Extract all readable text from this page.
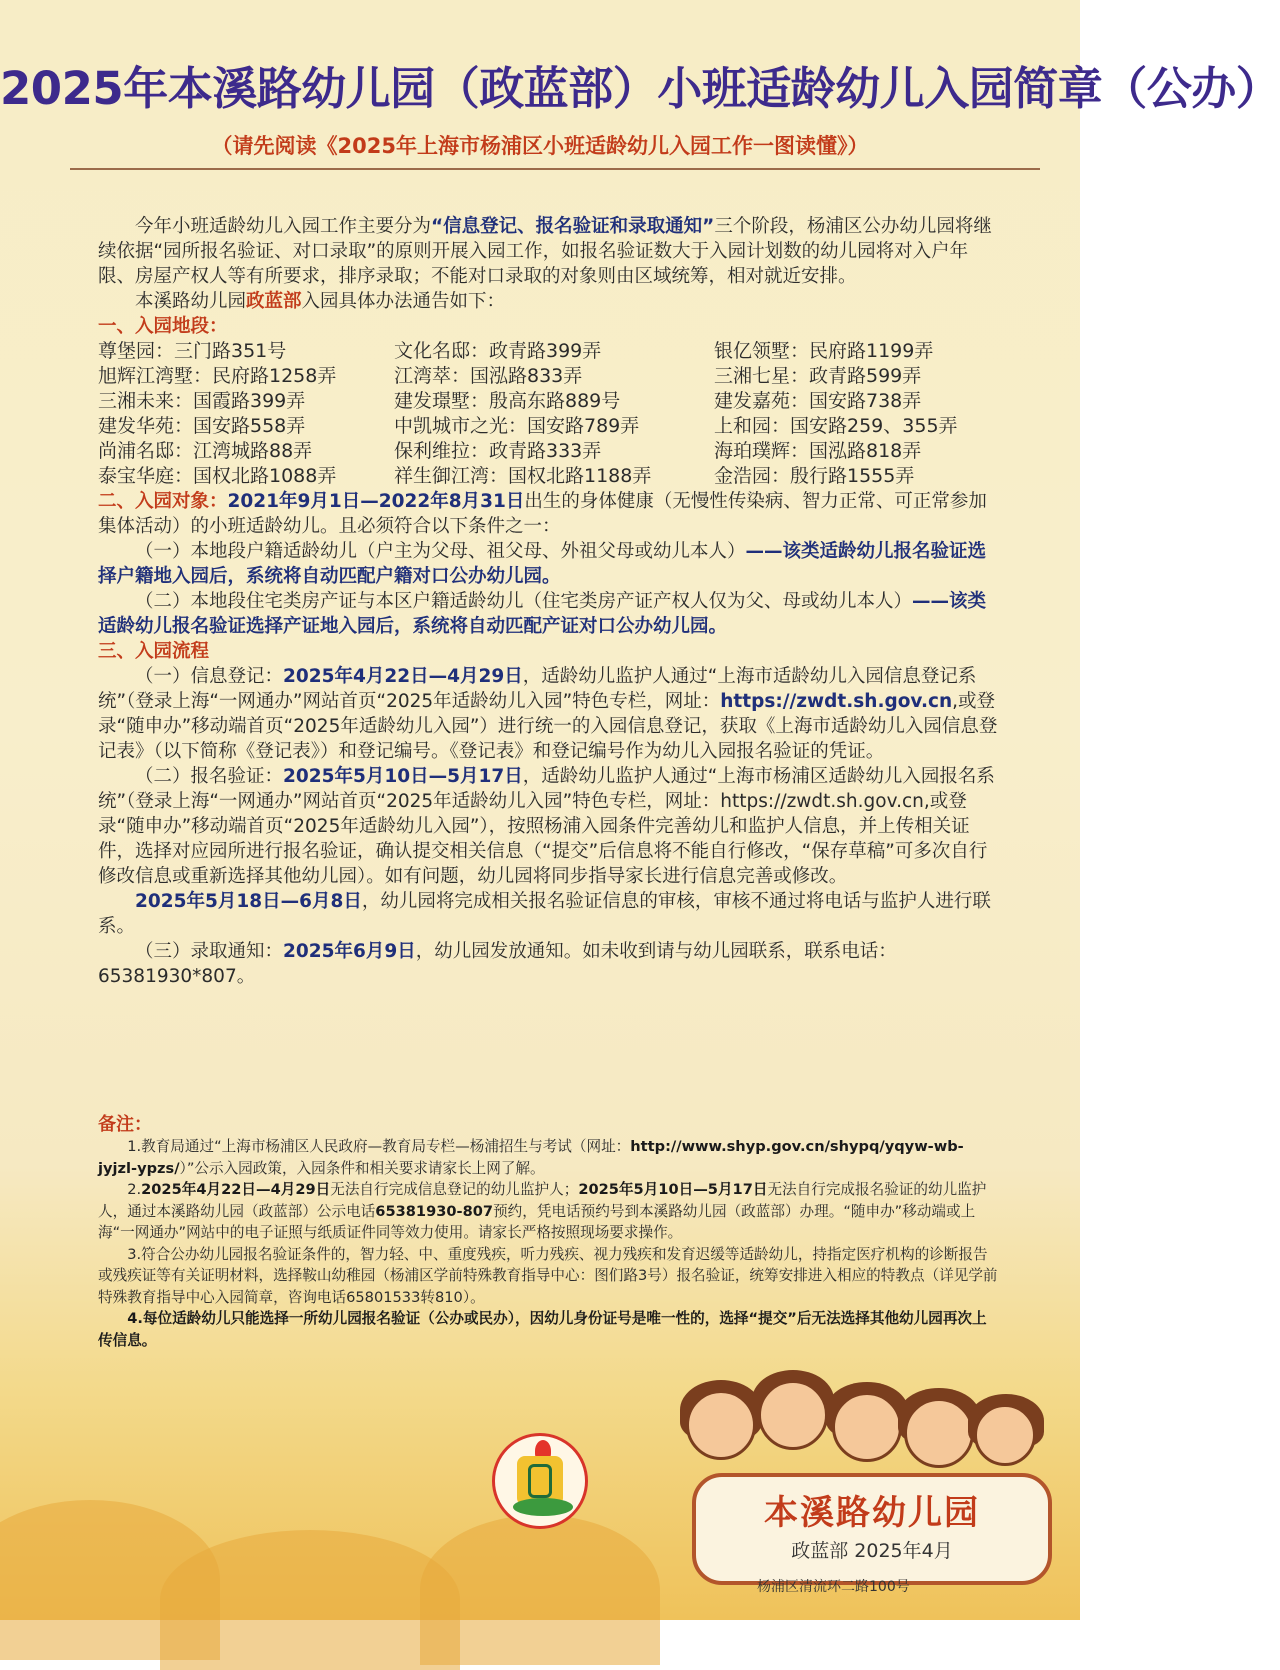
2025年本溪路幼儿园（政蓝部）小班适龄幼儿入园简章（公办）
（请先阅读《2025年上海市杨浦区小班适龄幼儿入园工作一图读懂》）

今年小班适龄幼儿入园工作主要分为“信息登记、报名验证和录取通知”三个阶段，杨浦区公办幼儿园将继续依据“园所报名验证、对口录取”的原则开展入园工作，如报名验证数大于入园计划数的幼儿园将对入户年限、房屋产权人等有所要求，排序录取；不能对口录取的对象则由区域统筹，相对就近安排。

本溪路幼儿园政蓝部入园具体办法通告如下：

一、入园地段：

尊堡园：三门路351号	文化名邸：政青路399弄	银亿领墅：民府路1199弄
旭辉江湾墅：民府路1258弄	江湾萃：国泓路833弄	三湘七星：政青路599弄
三湘未来：国霞路399弄	建发璟墅：殷高东路889号	建发嘉苑：国安路738弄
建发华苑：国安路558弄	中凯城市之光：国安路789弄	上和园：国安路259、355弄
尚浦名邸：江湾城路88弄	保利维拉：政青路333弄	海珀璞辉：国泓路818弄
泰宝华庭：国权北路1088弄	祥生御江湾：国权北路1188弄	金浩园：殷行路1555弄

二、入园对象：2021年9月1日—2022年8月31日出生的身体健康（无慢性传染病、智力正常、可正常参加集体活动）的小班适龄幼儿。且必须符合以下条件之一：

（一）本地段户籍适龄幼儿（户主为父母、祖父母、外祖父母或幼儿本人）——该类适龄幼儿报名验证选择户籍地入园后，系统将自动匹配户籍对口公办幼儿园。

（二）本地段住宅类房产证与本区户籍适龄幼儿（住宅类房产证产权人仅为父、母或幼儿本人）——该类适龄幼儿报名验证选择产证地入园后，系统将自动匹配产证对口公办幼儿园。

三、入园流程

（一）信息登记：2025年4月22日—4月29日，适龄幼儿监护人通过“上海市适龄幼儿入园信息登记系统”（登录上海“一网通办”网站首页“2025年适龄幼儿入园”特色专栏，网址：https://zwdt.sh.gov.cn,或登录“随申办”移动端首页“2025年适龄幼儿入园”）进行统一的入园信息登记，获取《上海市适龄幼儿入园信息登记表》（以下简称《登记表》）和登记编号。《登记表》和登记编号作为幼儿入园报名验证的凭证。

（二）报名验证：2025年5月10日—5月17日，适龄幼儿监护人通过“上海市杨浦区适龄幼儿入园报名系统”（登录上海“一网通办”网站首页“2025年适龄幼儿入园”特色专栏，网址：https://zwdt.sh.gov.cn,或登录“随申办”移动端首页“2025年适龄幼儿入园”），按照杨浦入园条件完善幼儿和监护人信息，并上传相关证件，选择对应园所进行报名验证，确认提交相关信息（“提交”后信息将不能自行修改，“保存草稿”可多次自行修改信息或重新选择其他幼儿园）。如有问题，幼儿园将同步指导家长进行信息完善或修改。

2025年5月18日—6月8日，幼儿园将完成相关报名验证信息的审核，审核不通过将电话与监护人进行联系。

（三）录取通知：2025年6月9日，幼儿园发放通知。如未收到请与幼儿园联系，联系电话：65381930*807。

备注：

1.教育局通过“上海市杨浦区人民政府—教育局专栏—杨浦招生与考试（网址：http://www.shyp.gov.cn/shypq/yqyw-wb-jyjzl-ypzs/）”公示入园政策，入园条件和相关要求请家长上网了解。

2.2025年4月22日—4月29日无法自行完成信息登记的幼儿监护人；2025年5月10日—5月17日无法自行完成报名验证的幼儿监护人，通过本溪路幼儿园（政蓝部）公示电话65381930-807预约，凭电话预约号到本溪路幼儿园（政蓝部）办理。“随申办”移动端或上海“一网通办”网站中的电子证照与纸质证件同等效力使用。请家长严格按照现场要求操作。

3.符合公办幼儿园报名验证条件的，智力轻、中、重度残疾，听力残疾、视力残疾和发育迟缓等适龄幼儿，持指定医疗机构的诊断报告或残疾证等有关证明材料，选择鞍山幼稚园（杨浦区学前特殊教育指导中心：图们路3号）报名验证，统筹安排进入相应的特教点（详见学前特殊教育指导中心入园简章，咨询电话65801533转810）。

4.每位适龄幼儿只能选择一所幼儿园报名验证（公办或民办），因幼儿身份证号是唯一性的，选择“提交”后无法选择其他幼儿园再次上传信息。

本溪路幼儿园
政蓝部 2025年4月
杨浦区清流环二路100号
